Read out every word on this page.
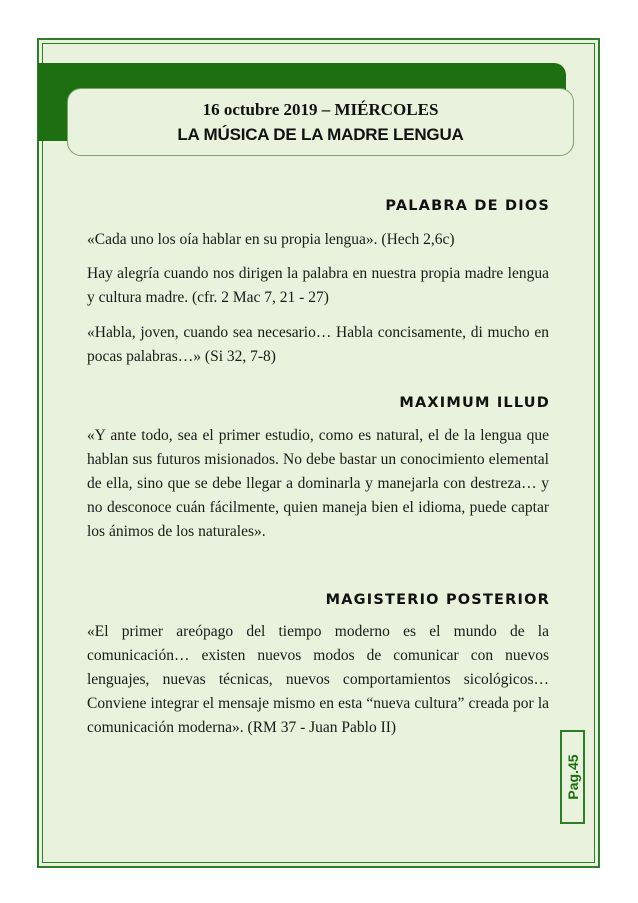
16 octubre 2019 – MIÉRCOLES
LA MÚSICA DE LA MADRE LENGUA
PALABRA DE DIOS

«Cada uno los oía hablar en su propia lengua». (Hech 2,6c)

Hay alegría cuando nos dirigen la palabra en nuestra propia madre lengua y cultura madre. (cfr. 2 Mac 7, 21 - 27)

«Habla, joven, cuando sea necesario… Habla concisamente, di mucho en pocas palabras…» (Si 32, 7-8)

MAXIMUM ILLUD

«Y ante todo, sea el primer estudio, como es natural, el de la lengua que hablan sus futuros misionados. No debe bastar un conocimiento elemental de ella, sino que se debe llegar a dominarla y manejarla con destreza… y no desconoce cuán fácilmente, quien maneja bien el idioma, puede captar los ánimos de los naturales».

MAGISTERIO POSTERIOR

«El primer areópago del tiempo moderno es el mundo de la comunicación… existen nuevos modos de comunicar con nuevos lenguajes, nuevas técnicas, nuevos comportamientos sicológicos… Conviene integrar el mensaje mismo en esta “nueva cultura” creada por la comunicación moderna». (RM 37 - Juan Pablo II)

Pag.45
